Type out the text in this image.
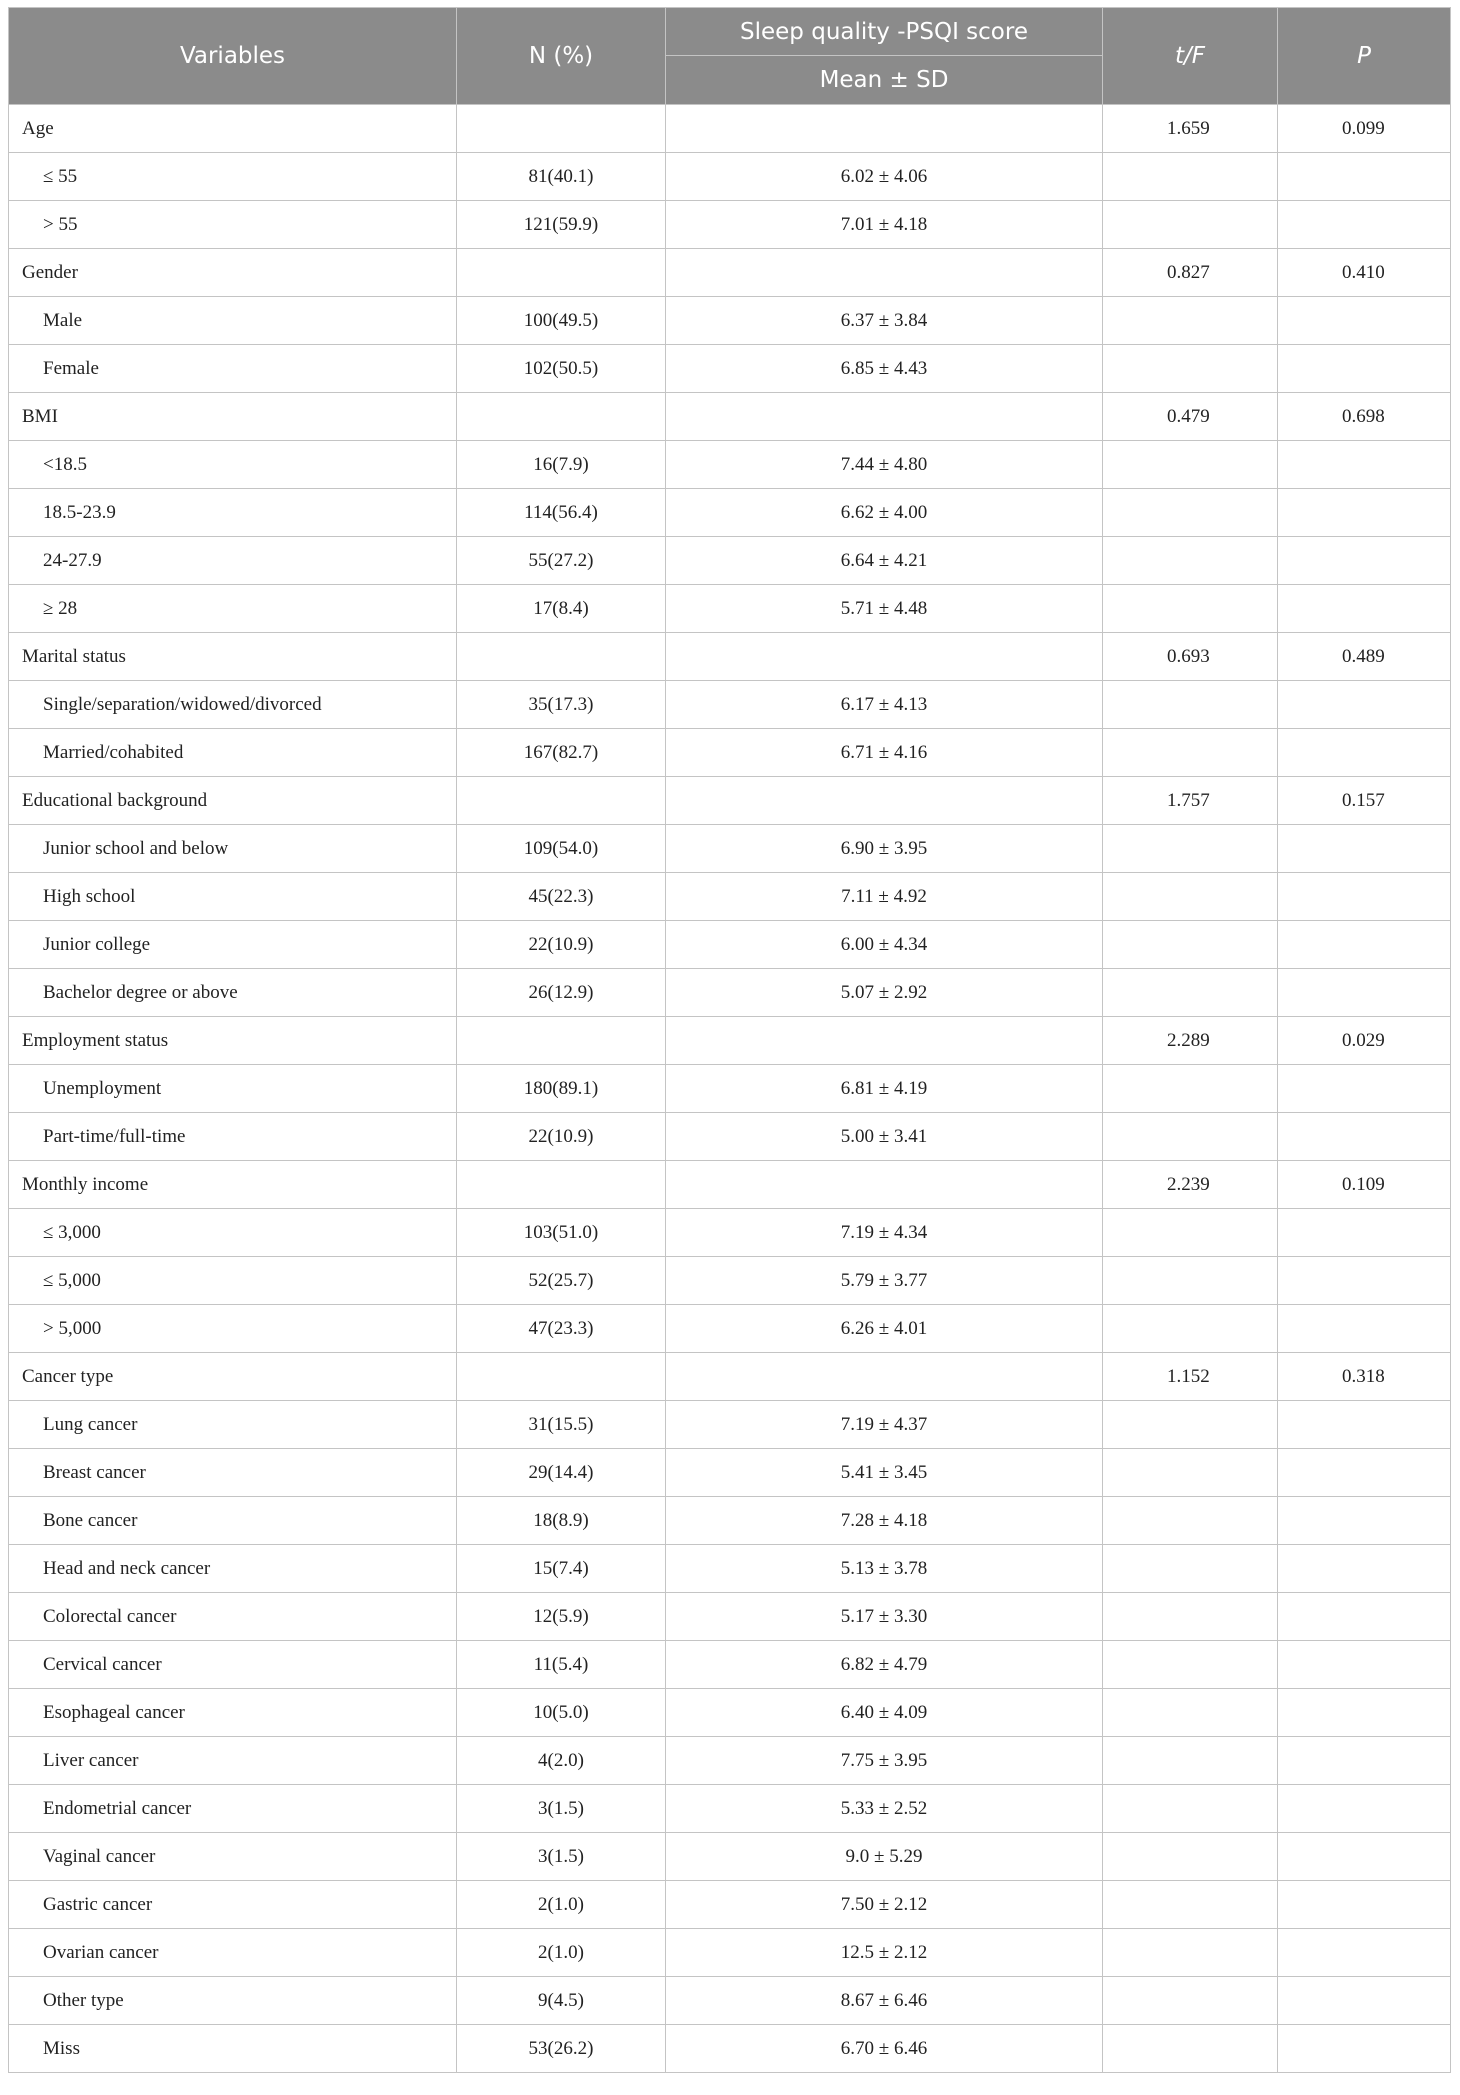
Variables	N (%)	Sleep quality -PSQI score	t/F	P
		Mean ± SD		
Age			1.659	0.099
≤ 55	81(40.1)	6.02 ± 4.06		
> 55	121(59.9)	7.01 ± 4.18		
Gender			0.827	0.410
Male	100(49.5)	6.37 ± 3.84		
Female	102(50.5)	6.85 ± 4.43		
BMI			0.479	0.698
<18.5	16(7.9)	7.44 ± 4.80		
18.5-23.9	114(56.4)	6.62 ± 4.00		
24-27.9	55(27.2)	6.64 ± 4.21		
≥ 28	17(8.4)	5.71 ± 4.48		
Marital status			0.693	0.489
Single/separation/widowed/divorced	35(17.3)	6.17 ± 4.13		
Married/cohabited	167(82.7)	6.71 ± 4.16		
Educational background			1.757	0.157
Junior school and below	109(54.0)	6.90 ± 3.95		
High school	45(22.3)	7.11 ± 4.92		
Junior college	22(10.9)	6.00 ± 4.34		
Bachelor degree or above	26(12.9)	5.07 ± 2.92		
Employment status			2.289	0.029
Unemployment	180(89.1)	6.81 ± 4.19		
Part-time/full-time	22(10.9)	5.00 ± 3.41		
Monthly income			2.239	0.109
≤ 3,000	103(51.0)	7.19 ± 4.34		
≤ 5,000	52(25.7)	5.79 ± 3.77		
> 5,000	47(23.3)	6.26 ± 4.01		
Cancer type			1.152	0.318
Lung cancer	31(15.5)	7.19 ± 4.37		
Breast cancer	29(14.4)	5.41 ± 3.45		
Bone cancer	18(8.9)	7.28 ± 4.18		
Head and neck cancer	15(7.4)	5.13 ± 3.78		
Colorectal cancer	12(5.9)	5.17 ± 3.30		
Cervical cancer	11(5.4)	6.82 ± 4.79		
Esophageal cancer	10(5.0)	6.40 ± 4.09		
Liver cancer	4(2.0)	7.75 ± 3.95		
Endometrial cancer	3(1.5)	5.33 ± 2.52		
Vaginal cancer	3(1.5)	9.0 ± 5.29		
Gastric cancer	2(1.0)	7.50 ± 2.12		
Ovarian cancer	2(1.0)	12.5 ± 2.12		
Other type	9(4.5)	8.67 ± 6.46		
Miss	53(26.2)	6.70 ± 6.46		
